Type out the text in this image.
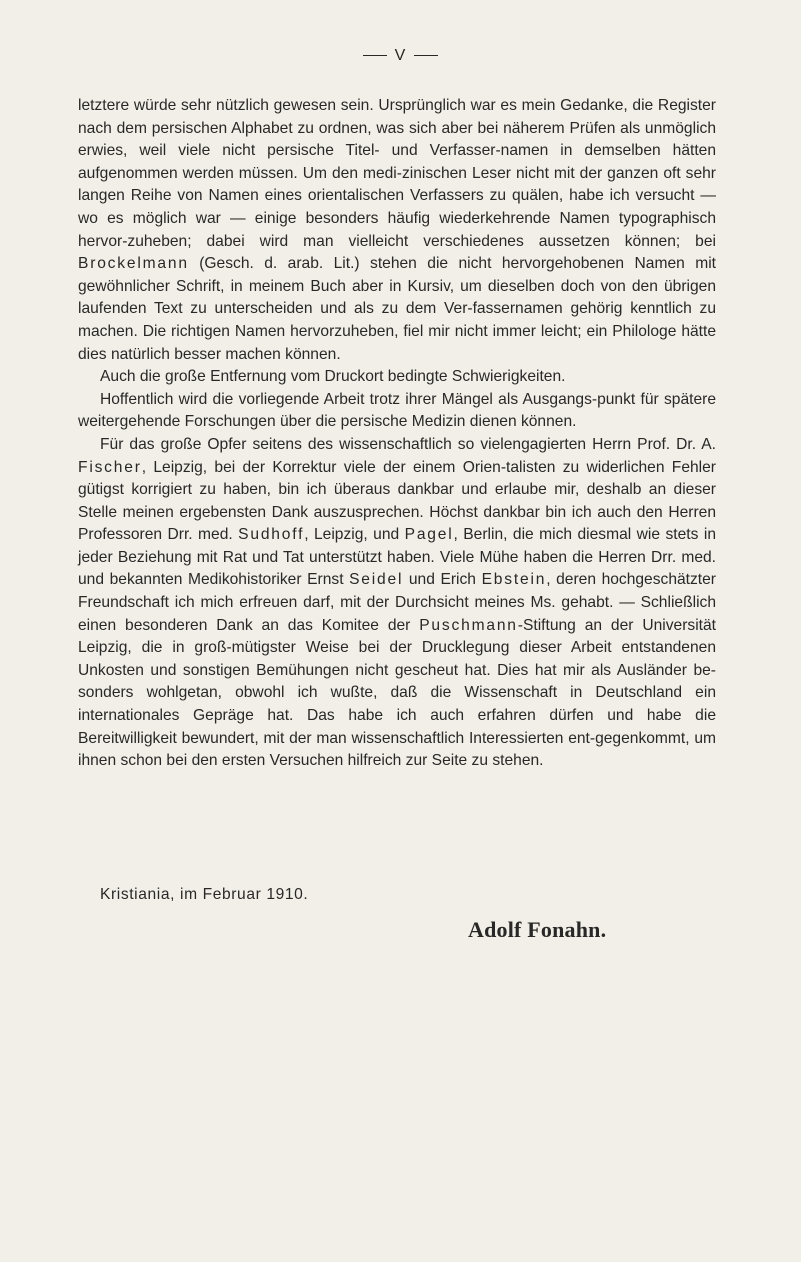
V

letztere würde sehr nützlich gewesen sein. Ursprünglich war es mein Gedanke, die Register nach dem persischen Alphabet zu ordnen, was sich aber bei näherem Prüfen als unmöglich erwies, weil viele nicht persische Titel- und Verfasser-namen in demselben hätten aufgenommen werden müssen. Um den medi-zinischen Leser nicht mit der ganzen oft sehr langen Reihe von Namen eines orientalischen Verfassers zu quälen, habe ich versucht — wo es möglich war — einige besonders häufig wiederkehrende Namen typographisch hervor-zuheben; dabei wird man vielleicht verschiedenes aussetzen können; bei Brockelmann (Gesch. d. arab. Lit.) stehen die nicht hervorgehobenen Namen mit gewöhnlicher Schrift, in meinem Buch aber in Kursiv, um dieselben doch von den übrigen laufenden Text zu unterscheiden und als zu dem Ver-fassernamen gehörig kenntlich zu machen. Die richtigen Namen hervorzuheben, fiel mir nicht immer leicht; ein Philologe hätte dies natürlich besser machen können.

Auch die große Entfernung vom Druckort bedingte Schwierigkeiten.

Hoffentlich wird die vorliegende Arbeit trotz ihrer Mängel als Ausgangs-punkt für spätere weitergehende Forschungen über die persische Medizin dienen können.

Für das große Opfer seitens des wissenschaftlich so vielengagierten Herrn Prof. Dr. A. Fischer, Leipzig, bei der Korrektur viele der einem Orien-talisten zu widerlichen Fehler gütigst korrigiert zu haben, bin ich überaus dankbar und erlaube mir, deshalb an dieser Stelle meinen ergebensten Dank auszusprechen. Höchst dankbar bin ich auch den Herren Professoren Drr. med. Sudhoff, Leipzig, und Pagel, Berlin, die mich diesmal wie stets in jeder Beziehung mit Rat und Tat unterstützt haben. Viele Mühe haben die Herren Drr. med. und bekannten Medikohistoriker Ernst Seidel und Erich Ebstein, deren hochgeschätzter Freundschaft ich mich erfreuen darf, mit der Durchsicht meines Ms. gehabt. — Schließlich einen besonderen Dank an das Komitee der Puschmann-Stiftung an der Universität Leipzig, die in groß-mütigster Weise bei der Drucklegung dieser Arbeit entstandenen Unkosten und sonstigen Bemühungen nicht gescheut hat. Dies hat mir als Ausländer be-sonders wohlgetan, obwohl ich wußte, daß die Wissenschaft in Deutschland ein internationales Gepräge hat. Das habe ich auch erfahren dürfen und habe die Bereitwilligkeit bewundert, mit der man wissenschaftlich Interessierten ent-gegenkommt, um ihnen schon bei den ersten Versuchen hilfreich zur Seite zu stehen.

Kristiania, im Februar 1910.
Adolf Fonahn.
